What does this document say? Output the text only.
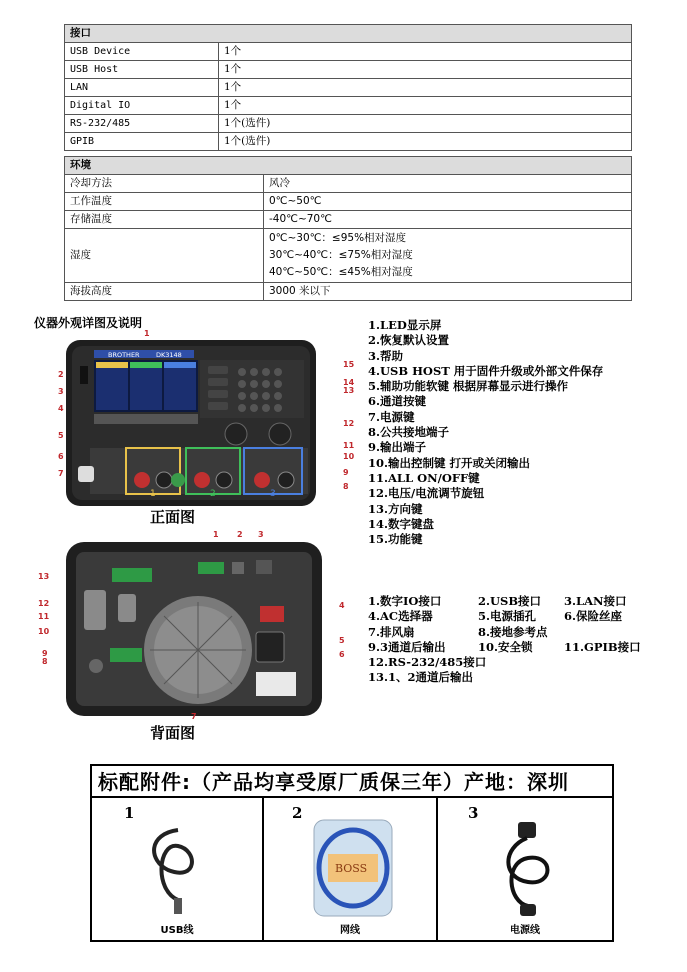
接口	
USB Device	1个
USB Host	1个
LAN	1个
Digital IO	1个
RS-232/485	1个(选件)
GPIB	1个(选件)
环境	
冷却方法	风冷
工作温度	0℃~50℃
存储温度	-40℃~70℃
湿度	0℃~30℃：≤95%相对湿度
30℃~40℃：≤75%相对湿度
40℃~50℃：≤45%相对湿度

海拔高度	3000 米以下
仪器外观详图及说明
BROTHER	DK3148
1	2	3
1
2
3
4
5
6
7
15
14
13
12
11
10
9
8
正面图
1.LED显示屏
2.恢复默认设置
3.帮助
4.USB HOST 用于固件升级或外部文件保存
5.辅助功能软键 根据屏幕显示进行操作
6.通道按键
7.电源键
8.公共接地端子
9.输出端子
10.输出控制键 打开或关闭输出
11.ALL ON/OFF键
12.电压/电流调节旋钮
13.方向键
14.数字键盘
15.功能键
1 2 3
13
12
11
10
9
8
4
5
6
7
背面图
1.数字IO接口	2.USB接口	3.LAN接口
4.AC选择器	5.电源插孔	6.保险丝座
7.排风扇	8.接地参考点
9.3通道后输出	10.安全锁	11.GPIB接口
12.RS-232/485接口
13.1、2通道后输出
标配附件:（产品均享受原厂质保三年）产地：深圳
1
USB线
2
BOSS
网线
3
电源线
